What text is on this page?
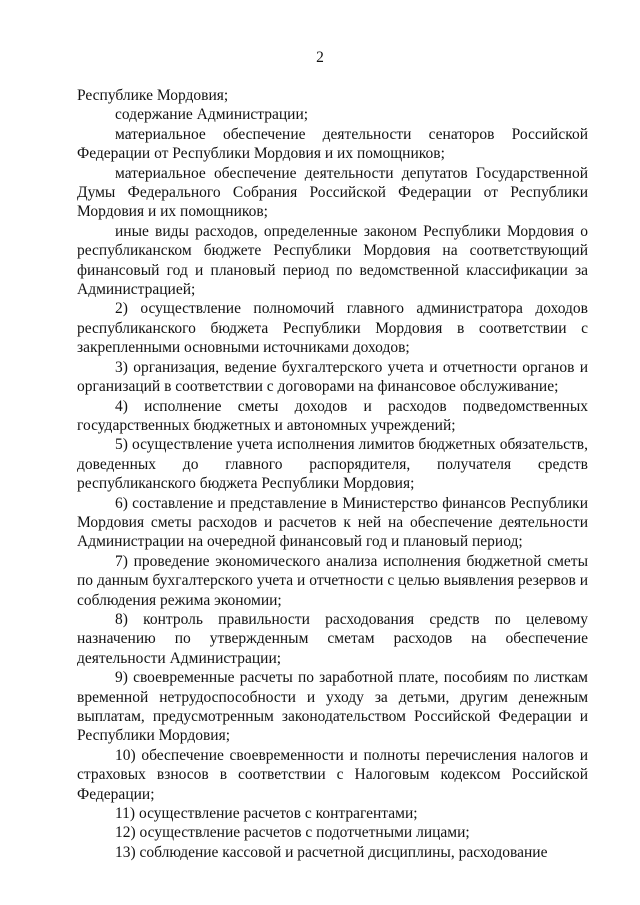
2

Республике Мордовия;

содержание Администрации;

материальное обеспечение деятельности сенаторов Российской Федерации от Республики Мордовия и их помощников;

материальное обеспечение деятельности депутатов Государственной Думы Федерального Собрания Российской Федерации от Республики Мордовия и их помощников;

иные виды расходов, определенные законом Республики Мордовия о республиканском бюджете Республики Мордовия на соответствующий финансовый год и плановый период по ведомственной классификации за Администрацией;

2) осуществление полномочий главного администратора доходов республиканского бюджета Республики Мордовия в соответствии с закрепленными основными источниками доходов;

3) организация, ведение бухгалтерского учета и отчетности органов и организаций в соответствии с договорами на финансовое обслуживание;

4) исполнение сметы доходов и расходов подведомственных государственных бюджетных и автономных учреждений;

5) осуществление учета исполнения лимитов бюджетных обязательств, доведенных до главного распорядителя, получателя средств республиканского бюджета Республики Мордовия;

6) составление и представление в Министерство финансов Республики Мордовия сметы расходов и расчетов к ней на обеспечение деятельности Администрации на очередной финансовый год и плановый период;

7) проведение экономического анализа исполнения бюджетной сметы по данным бухгалтерского учета и отчетности с целью выявления резервов и соблюдения режима экономии;

8) контроль правильности расходования средств по целевому назначению по утвержденным сметам расходов на обеспечение деятельности Администрации;

9) своевременные расчеты по заработной плате, пособиям по листкам временной нетрудоспособности и уходу за детьми, другим денежным выплатам, предусмотренным законодательством Российской Федерации и Республики Мордовия;

10) обеспечение своевременности и полноты перечисления налогов и страховых взносов в соответствии с Налоговым кодексом Российской Федерации;

11) осуществление расчетов с контрагентами;

12) осуществление расчетов с подотчетными лицами;

13) соблюдение кассовой и расчетной дисциплины, расходование
